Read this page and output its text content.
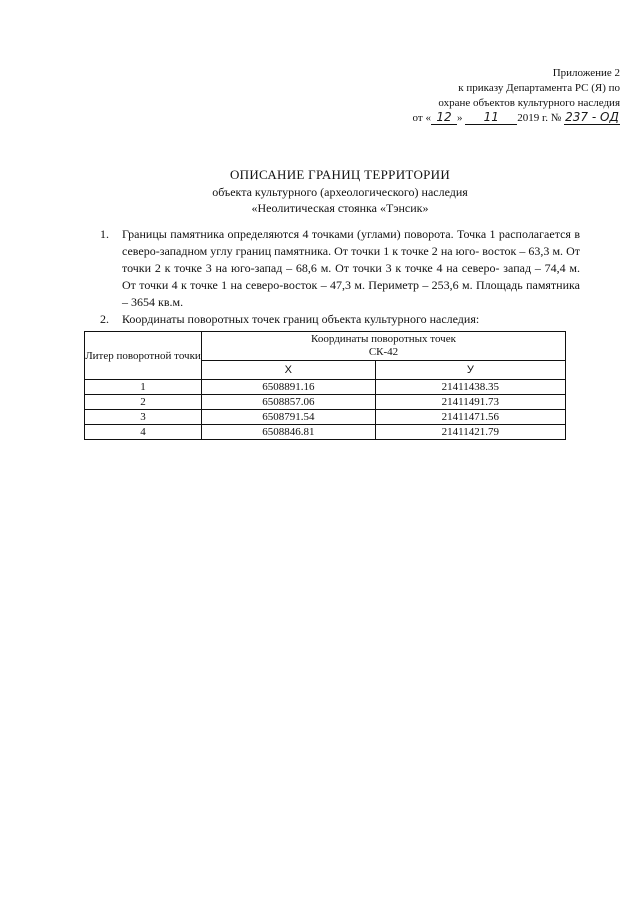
Приложение 2
к приказу Департамента РС (Я) по
охране объектов культурного наследия
от « 12 » 11 2019 г. № 237 - ОД
ОПИСАНИЕ ГРАНИЦ ТЕРРИТОРИИ
объекта культурного (археологического) наследия
«Неолитическая стоянка «Тэнсик»
1. Границы памятника определяются 4 точками (углами) поворота. Точка 1 располагается в северо-западном углу границ памятника. От точки 1 к точке 2 на юго- восток – 63,3 м. От точки 2 к точке 3 на юго-запад – 68,6 м. От точки 3 к точке 4 на северо- запад – 74,4 м. От точки 4 к точке 1 на северо-восток – 47,3 м. Периметр – 253,6 м. Площадь памятника – 3654 кв.м.
2. Координаты поворотных точек границ объекта культурного наследия:
Литер поворотной точки	Координаты поворотных точек
СК-42	

	Х	У
1	6508891.16	21411438.35
2	6508857.06	21411491.73
3	6508791.54	21411471.56
4	6508846.81	21411421.79
